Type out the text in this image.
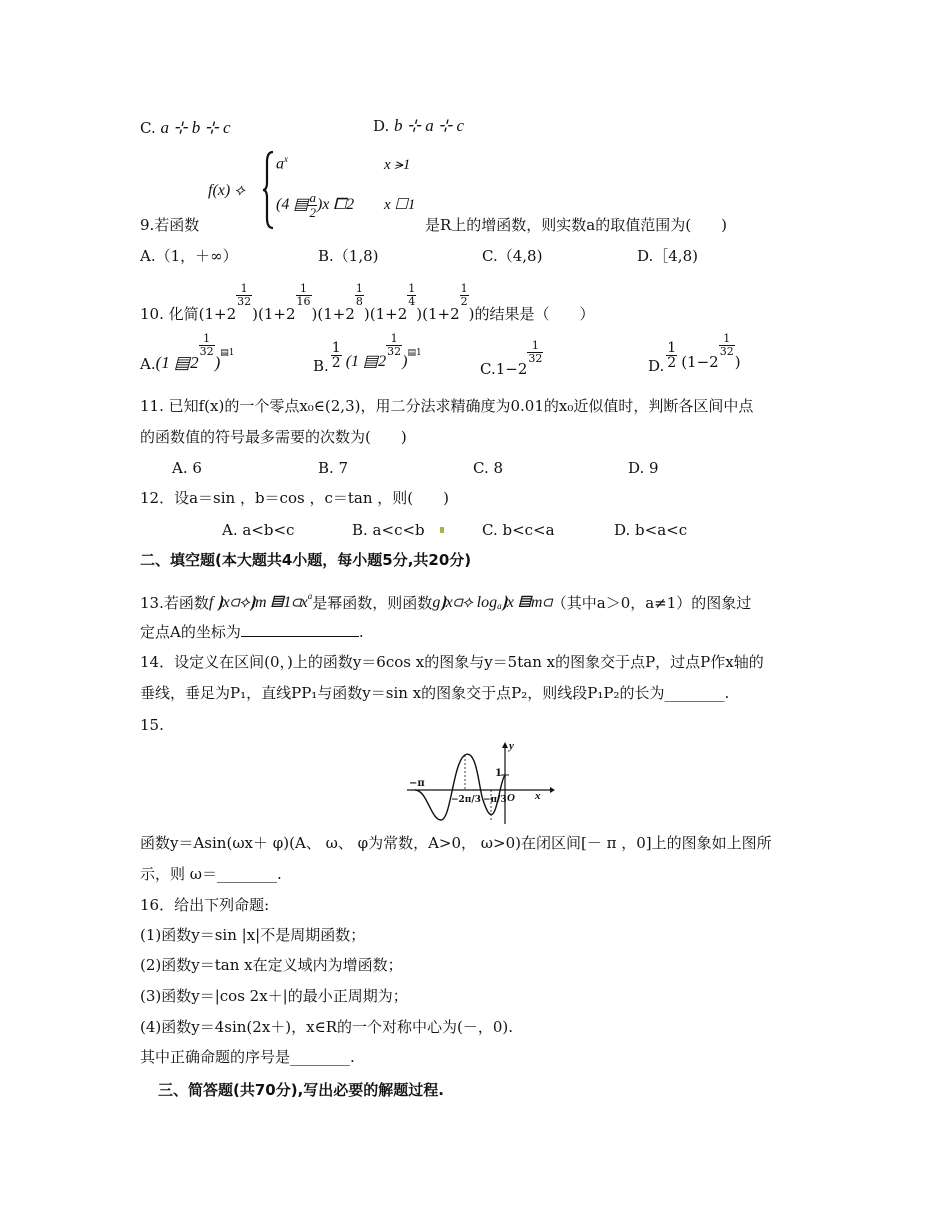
C. a ⊹ b ⊹ c	D. b ⊹ a ⊹ c
9.若函数
f(x) ⟡
$a^x$	x ⪫1
(4 ▤ $\frac{a}{2} )x$ ⧠2 x ☐1
是R上的增函数，则实数a的取值范围为(　　)
A.（1，＋∞）	B.（1,8)	C.（4,8)	D.［4,8)
10. 化简 (1+2
$\frac{1}{32}$
) (1+2
$\frac{1}{16}$
) (1+2
$\frac{1}{8}$
) (1+2
$\frac{1}{4}$
) (1+2
$\frac{1}{2}$
) 的结果是（　　）
A. (1 ▤2
$\frac{1}{32}$
) ▤1
B. $\frac{1}{2} (1$ ▤2
$\frac{1}{32}$
) ▤1
C.1−2
$\frac{1}{32}$
D. $\frac{1}{2} (1-2$
$\frac{1}{32}$
)
11. 已知f(x)的一个零点x₀∈(2,3)，用二分法求精确度为0.01的x₀近似值时，判断各区间中点
的函数值的符号最多需要的次数为(　　)
A. 6	B. 7	C. 8	D. 9
12．设a＝sin ，b＝cos ，c＝tan ，则(　　)
A. a<b<c	B. a<c<b	C. b<c<a	D. b<a<c
二、填空题(本大题共4小题，每小题5分,共20分)
13.若函数 f ⦘x⫏⟡⦘m $▤1⫏x^a$ 是幂函数，则函数 g⦘x⫏⟡ $\log_a$ ⦘x ▤m⫏ （其中a＞0，a≠1）的图象过
定点A的坐标为	.
14．设定义在区间(0，)上的函数y＝6cos x的图象与y＝5tan x的图象交于点P，过点P作x轴的
垂线，垂足为P₁，直线PP₁与函数y＝sin x的图象交于点P₂，则线段P₁P₂的长为________.
15.
y
x
1
−π
−2π/3 −π/3 O
函数y＝Asin(ωx＋ φ)(A、 ω、 φ为常数，A>0， ω>0)在闭区间[－ π ，0]上的图象如上图所
示，则 ω＝________.
16．给出下列命题:
(1)函数y＝sin |x|不是周期函数；
(2)函数y＝tan x在定义域内为增函数；
(3)函数y＝|cos 2x＋|的最小正周期为；
(4)函数y＝4sin(2x＋)，x∈R的一个对称中心为(－，0).
其中正确命题的序号是________.
三、简答题(共70分),写出必要的解题过程.
